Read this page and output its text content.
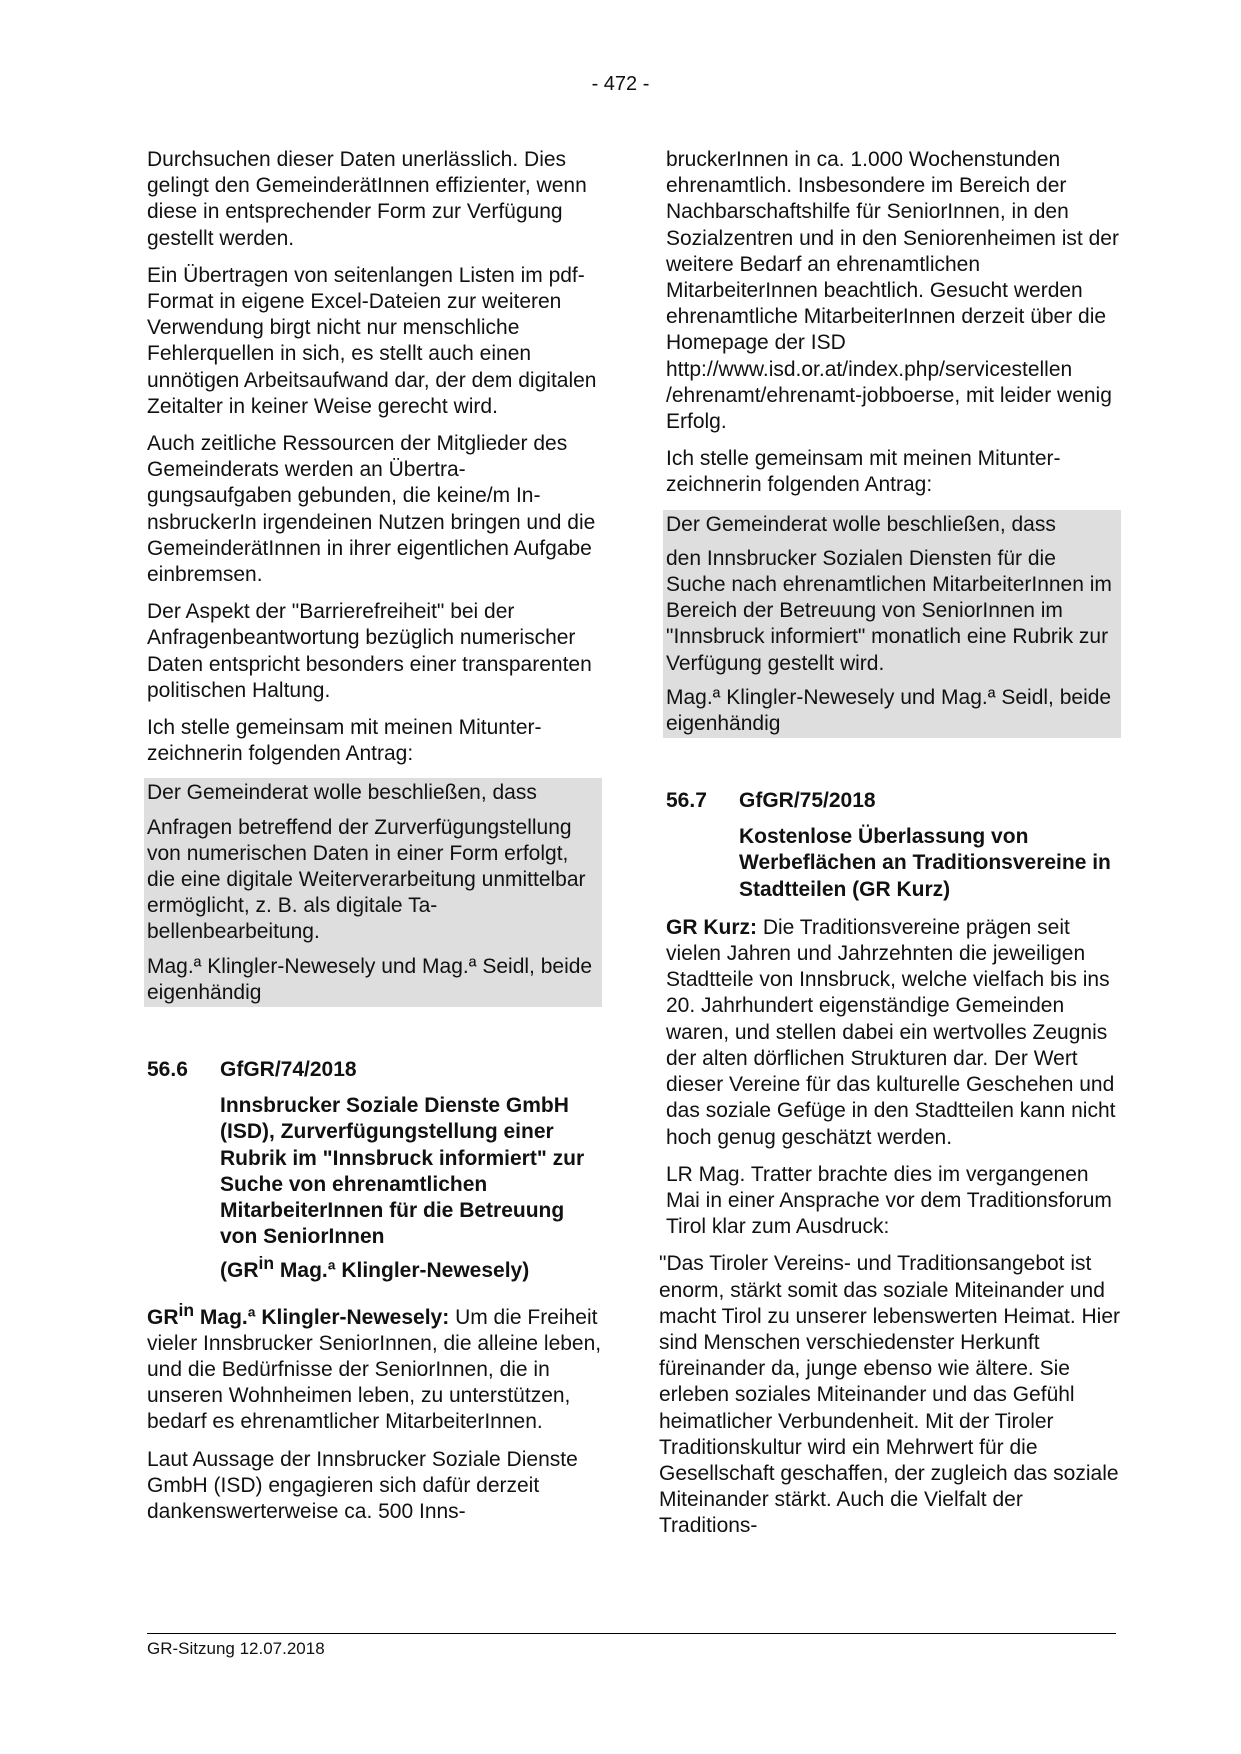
- 472 -

Durchsuchen dieser Daten unerlässlich. Dies gelingt den GemeinderätInnen effizienter, wenn diese in entsprechender Form zur Verfügung gestellt werden.

Ein Übertragen von seitenlangen Listen im pdf-Format in eigene Excel-Dateien zur weiteren Verwendung birgt nicht nur menschliche Fehlerquellen in sich, es stellt auch einen unnötigen Arbeitsaufwand dar, der dem digitalen Zeitalter in keiner Weise gerecht wird.

Auch zeitliche Ressourcen der Mitglieder des Gemeinderats werden an Übertragungsaufgaben gebunden, die keine/m InnsbruckerIn irgendeinen Nutzen bringen und die GemeinderätInnen in ihrer eigentlichen Aufgabe einbremsen.

Der Aspekt der "Barrierefreiheit" bei der Anfragenbeantwortung bezüglich numerischer Daten entspricht besonders einer transparenten politischen Haltung.

Ich stelle gemeinsam mit meinen Mitunterzeichnerin folgenden Antrag:

Der Gemeinderat wolle beschließen, dass

Anfragen betreffend der Zurverfügungstellung von numerischen Daten in einer Form erfolgt, die eine digitale Weiterverarbeitung unmittelbar ermöglicht, z. B. als digitale Tabellenbearbeitung.

Mag.ª Klingler-Newesely und Mag.ª Seidl, beide eigenhändig

56.6 GfGR/74/2018
Innsbrucker Soziale Dienste GmbH (ISD), Zurverfügungstellung einer Rubrik im "Innsbruck informiert" zur Suche von ehrenamtlichen MitarbeiterInnen für die Betreuung von SeniorInnen
($GR^{in}$ Mag.ª Klingler-Newesely)

$GR^{in}$ Mag.ª Klingler-Newesely: Um die Freiheit vieler Innsbrucker SeniorInnen, die alleine leben, und die Bedürfnisse der SeniorInnen, die in unseren Wohnheimen leben, zu unterstützen, bedarf es ehrenamtlicher MitarbeiterInnen.

Laut Aussage der Innsbrucker Soziale Dienste GmbH (ISD) engagieren sich dafür derzeit dankenswerterweise ca. 500 Inns-

bruckerInnen in ca. 1.000 Wochenstunden ehrenamtlich. Insbesondere im Bereich der Nachbarschaftshilfe für SeniorInnen, in den Sozialzentren und in den Seniorenheimen ist der weitere Bedarf an ehrenamtlichen MitarbeiterInnen beachtlich. Gesucht werden ehrenamtliche MitarbeiterInnen derzeit über die Homepage der ISD http://www.isd.or.at/index.php/servicestellen /ehrenamt/ehrenamt-jobboerse, mit leider wenig Erfolg.

Ich stelle gemeinsam mit meinen Mitunterzeichnerin folgenden Antrag:

Der Gemeinderat wolle beschließen, dass

den Innsbrucker Sozialen Diensten für die Suche nach ehrenamtlichen MitarbeiterInnen im Bereich der Betreuung von SeniorInnen im "Innsbruck informiert" monatlich eine Rubrik zur Verfügung gestellt wird.

Mag.ª Klingler-Newesely und Mag.ª Seidl, beide eigenhändig

56.7 GfGR/75/2018
Kostenlose Überlassung von Werbeflächen an Traditionsvereine in Stadtteilen (GR Kurz)

GR Kurz: Die Traditionsvereine prägen seit vielen Jahren und Jahrzehnten die jeweiligen Stadtteile von Innsbruck, welche vielfach bis ins 20. Jahrhundert eigenständige Gemeinden waren, und stellen dabei ein wertvolles Zeugnis der alten dörflichen Strukturen dar. Der Wert dieser Vereine für das kulturelle Geschehen und das soziale Gefüge in den Stadtteilen kann nicht hoch genug geschätzt werden.

LR Mag. Tratter brachte dies im vergangenen Mai in einer Ansprache vor dem Traditionsforum Tirol klar zum Ausdruck:

"Das Tiroler Vereins- und Traditionsangebot ist enorm, stärkt somit das soziale Miteinander und macht Tirol zu unserer lebenswerten Heimat. Hier sind Menschen verschiedenster Herkunft füreinander da, junge ebenso wie ältere. Sie erleben soziales Miteinander und das Gefühl heimatlicher Verbundenheit. Mit der Tiroler Traditionskultur wird ein Mehrwert für die Gesellschaft geschaffen, der zugleich das soziale Miteinander stärkt. Auch die Vielfalt der Traditions-

GR-Sitzung 12.07.2018
